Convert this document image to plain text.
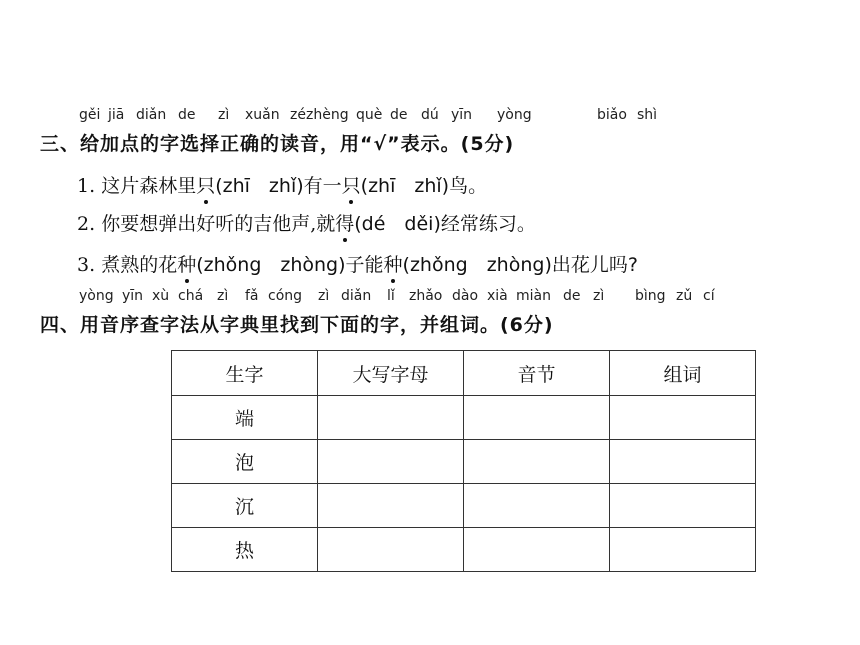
gěi jiā diǎn de zì xuǎn zé zhèng què de dú yīn yòng	biǎo shì
三、给加点的字选择正确的读音，用“√”表示。(5分)
1. 这片森林里只(zhī　zhǐ)有一只(zhī　zhǐ)鸟。
2. 你要想弹出好听的吉他声,就得(dé　děi)经常练习。
3. 煮熟的花种(zhǒng　zhòng)子能种(zhǒng　zhòng)出花儿吗?
yòng yīn xù chá zì fǎ cóng zì diǎn lǐ zhǎo dào xià miàn de zì bìng zǔ cí
四、用音序查字法从字典里找到下面的字，并组词。(6分)
生字	大写字母	音节	组词
端			
泡			
沉			
热			
